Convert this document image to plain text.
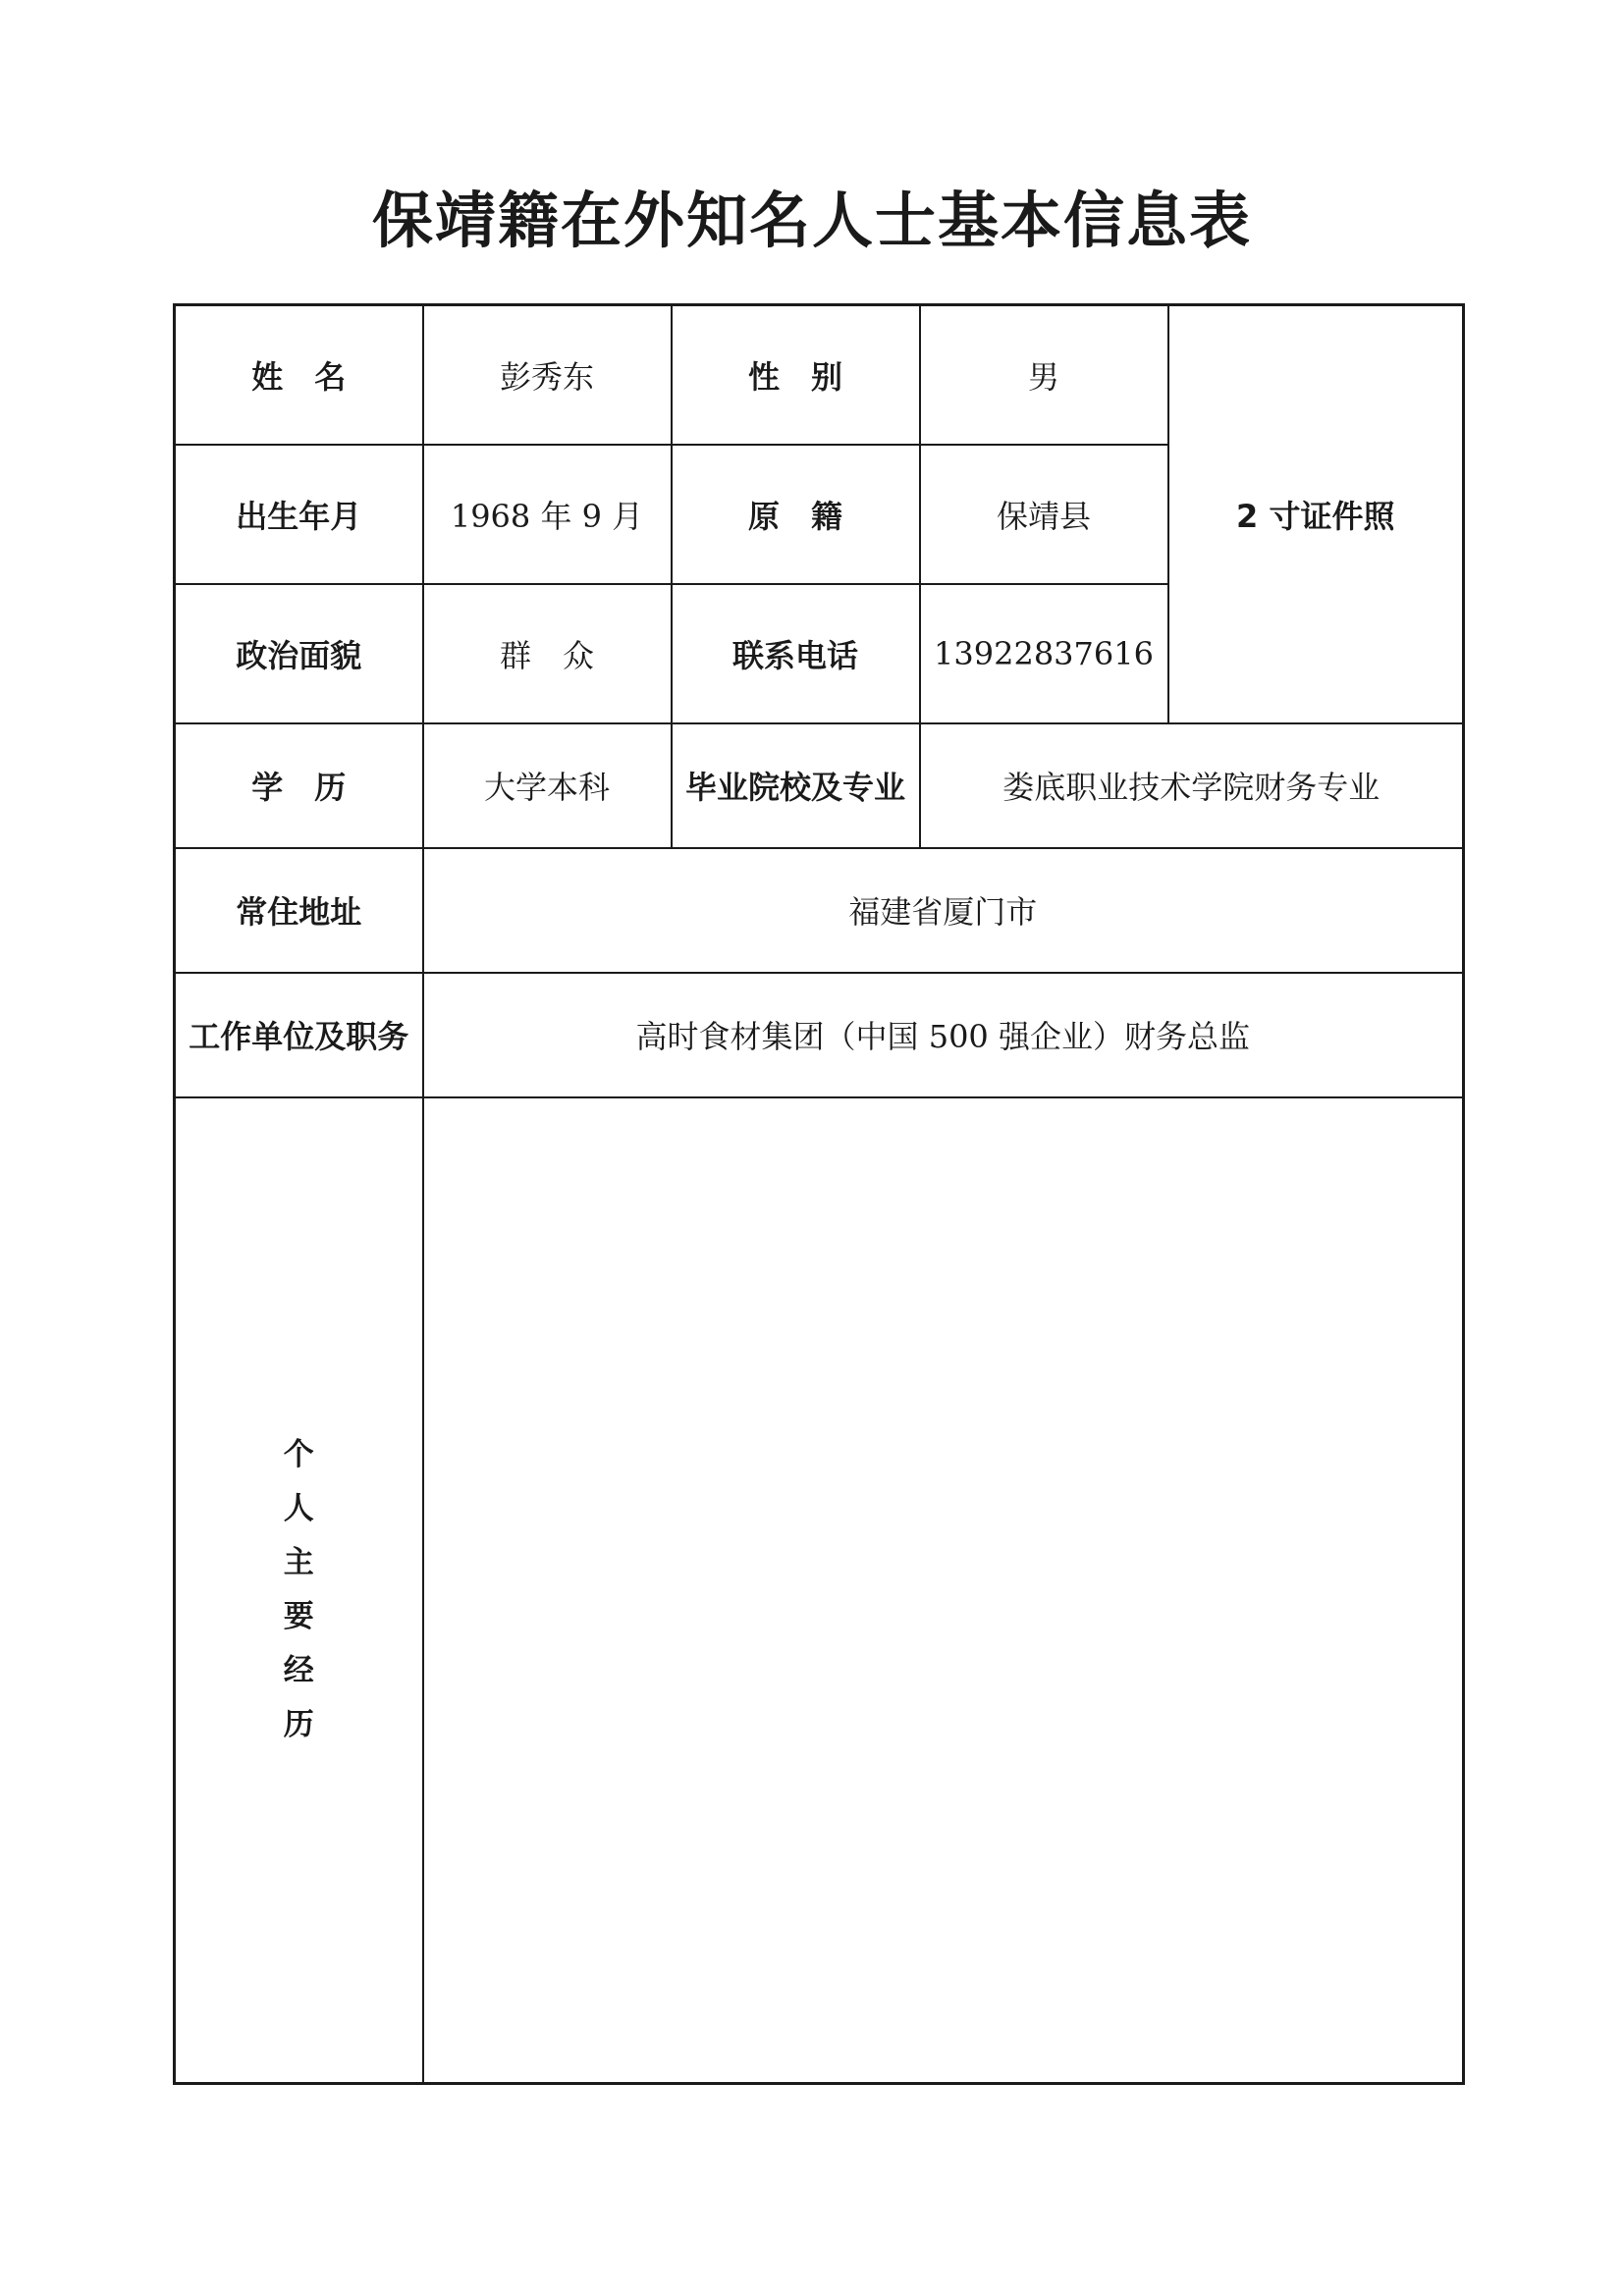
保靖籍在外知名人士基本信息表
姓　名	彭秀东	性　别	男	2 寸证件照
出生年月	1968 年 9 月	原　籍	保靖县	
政治面貌	群　众	联系电话	13922837616	
学　历	大学本科	毕业院校及专业	娄底职业技术学院财务专业	
常住地址	福建省厦门市			
工作单位及职务	高时食材集团（中国 500 强企业）财务总监			
个人主要经历				
